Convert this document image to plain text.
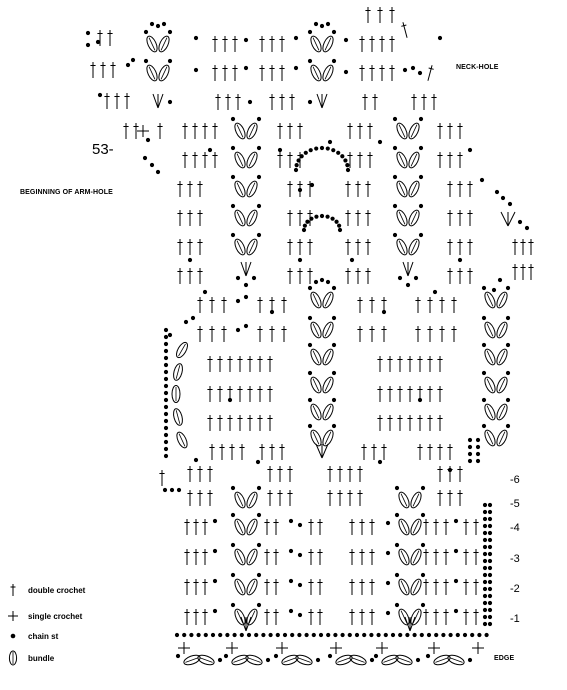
NECK-HOLE
BEGINNING OF ARM-HOLE
EDGE
53-
-1
-2
-3
-4
-5
-6
double crochet
single crochet
chain st
bundle
